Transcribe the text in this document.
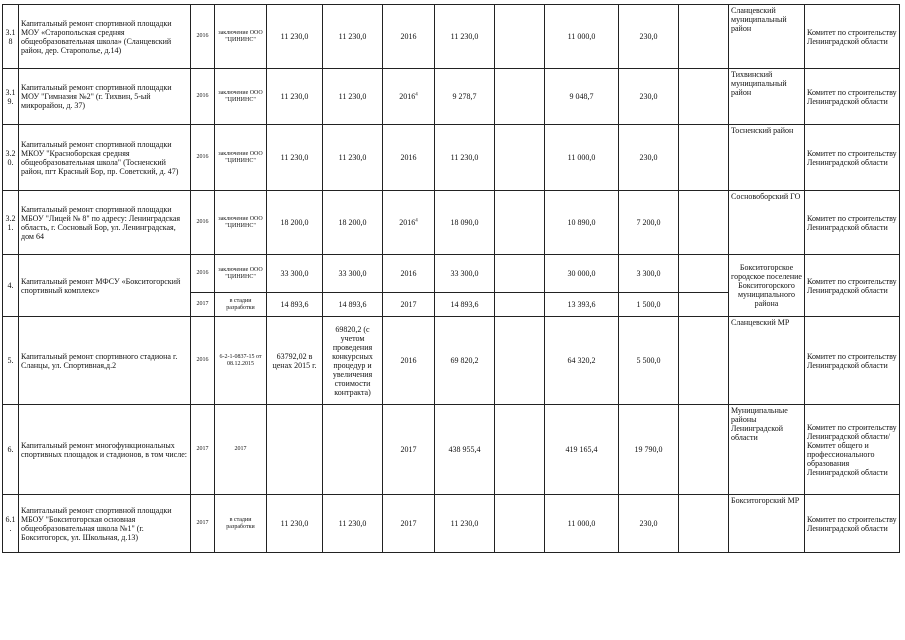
3.18	Капитальный ремонт спортивной площадки МОУ «Старопольская средняя общеобразовательная школа» (Сланцевский район, дер. Старополье, д.14)	2016	заключение ООО "ЦИНИНС"	11 230,0	11 230,0	2016	11 230,0		11 000,0	230,0		Сланцевский муниципальный район	Комитет по строительству Ленинградской области
3.19.	Капитальный ремонт спортивной площадки МОУ "Гимназия №2" (г. Тихвин, 5-ый микрорайон, д. 37)	2016	заключение ООО "ЦИНИНС"	11 230,0	11 230,0	2016$^4$	9 278,7		9 048,7	230,0		Тихвинский муниципальный район	Комитет по строительству Ленинградской области
3.20.	Капитальный ремонт спортивной площадки МКОУ "Красноборская средняя общеобразовательная школа" (Тосненский район, пгт Красный Бор, пр. Советский, д. 47)	2016	заключение ООО "ЦИНИНС"	11 230,0	11 230,0	2016	11 230,0		11 000,0	230,0		Тосненский район	Комитет по строительству Ленинградской области
3.21.	Капитальный ремонт спортивной площадки МБОУ "Лицей № 8" по адресу: Ленинградская область, г. Сосновый Бор, ул. Ленинградская, дом 64	2016	заключение ООО "ЦИНИНС"	18 200,0	18 200,0	2016$^4$	18 090,0		10 890,0	7 200,0		Сосновоборский ГО	Комитет по строительству Ленинградской области
4.	Капитальный ремонт МФСУ «Бокситогорский спортивный комплекс»	2016	заключение ООО "ЦИНИНС"	33 300,0	33 300,0	2016	33 300,0		30 000,0	3 300,0		Бокситогорское городское поселение Бокситогорского муниципального района	Комитет по строительству Ленинградской области
		2017	в стадии разработки	14 893,6	14 893,6	2017	14 893,6		13 393,6	1 500,0			
5.	Капитальный ремонт спортивного стадиона г. Сланцы, ул. Спортивная,д.2	2016	6-2-1-0837-15 от 08.12.2015	63792,02 в ценах 2015 г.	69820,2 (с учетом проведения конкурсных процедур и увеличения стоимости контракта)	2016	69 820,2		64 320,2	5 500,0		Сланцевский МР	Комитет по строительству Ленинградской области
6.	Капитальный ремонт многофункциональных спортивных площадок и стадионов, в том числе:	2017	2017			2017	438 955,4		419 165,4	19 790,0		Муниципальные районы Ленинградской области	Комитет по строительству Ленинградской области/Комитет общего и профессионального образования Ленинградской области
6.1.	Капитальный ремонт спортивной площадки МБОУ "Бокситогорская основная общеобразовательная школа №1" (г. Бокситогорск, ул. Школьная, д.13)	2017	в стадии разработки	11 230,0	11 230,0	2017	11 230,0		11 000,0	230,0		Бокситогорский МР	Комитет по строительству Ленинградской области
